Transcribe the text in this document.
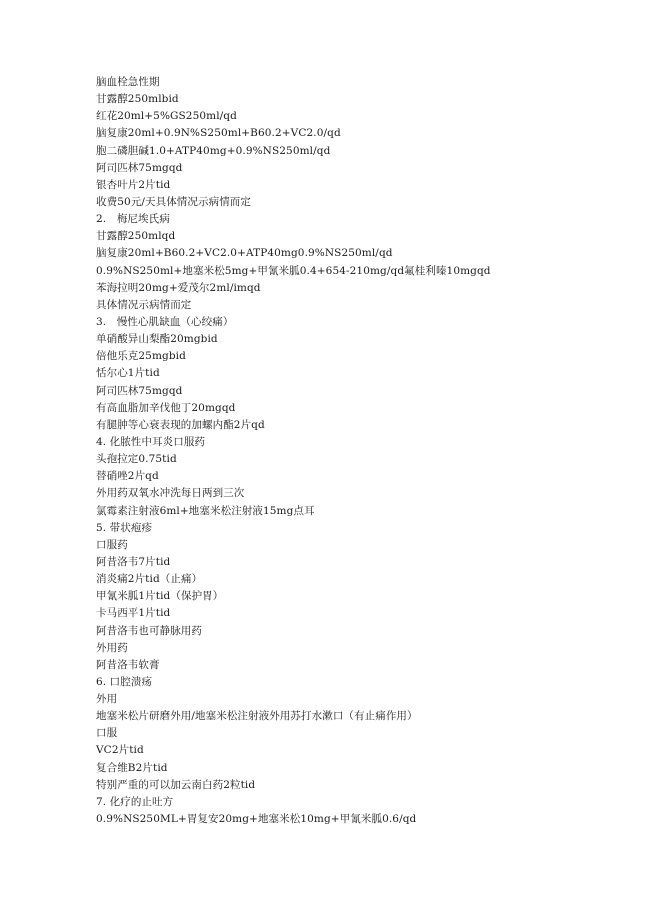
脑血栓急性期
甘露醇250mlbid
红花20ml+5%GS250ml/qd
脑复康20ml+0.9N%S250ml+B60.2+VC2.0/qd
胞二磷胆碱1.0+ATP40mg+0.9%NS250ml/qd
阿司匹林75mgqd
银杏叶片2片tid
收费50元/天具体情况示病情而定
2.　梅尼埃氏病
甘露醇250mlqd
脑复康20ml+B60.2+VC2.0+ATP40mg0.9%NS250ml/qd
0.9%NS250ml+地塞米松5mg+甲氰米胍0.4+654-210mg/qd氟桂利嗪10mgqd
苯海拉明20mg+爱茂尔2ml/imqd
具体情况示病情而定
3.　慢性心肌缺血（心绞痛）
单硝酸异山梨酯20mgbid
倍他乐克25mgbid
恬尔心1片tid
阿司匹林75mgqd
有高血脂加辛伐他丁20mgqd
有腿肿等心衰表现的加螺内酯2片qd
4. 化脓性中耳炎口服药
头孢拉定0.75tid
替硝唑2片qd
外用药双氧水冲洗每日两到三次
氯霉素注射液6ml+地塞米松注射液15mg点耳
5. 带状疱疹
口服药
阿昔洛韦7片tid
消炎痛2片tid（止痛）
甲氰米胍1片tid（保护胃）
卡马西平1片tid
阿昔洛韦也可静脉用药
外用药
阿昔洛韦软膏
6. 口腔溃疡
外用
地塞米松片研磨外用/地塞米松注射液外用苏打水漱口（有止痛作用）
口服
VC2片tid
复合维B2片tid
特别严重的可以加云南白药2粒tid
7. 化疗的止吐方
0.9%NS250ML+胃复安20mg+地塞米松10mg+甲氰米胍0.6/qd
